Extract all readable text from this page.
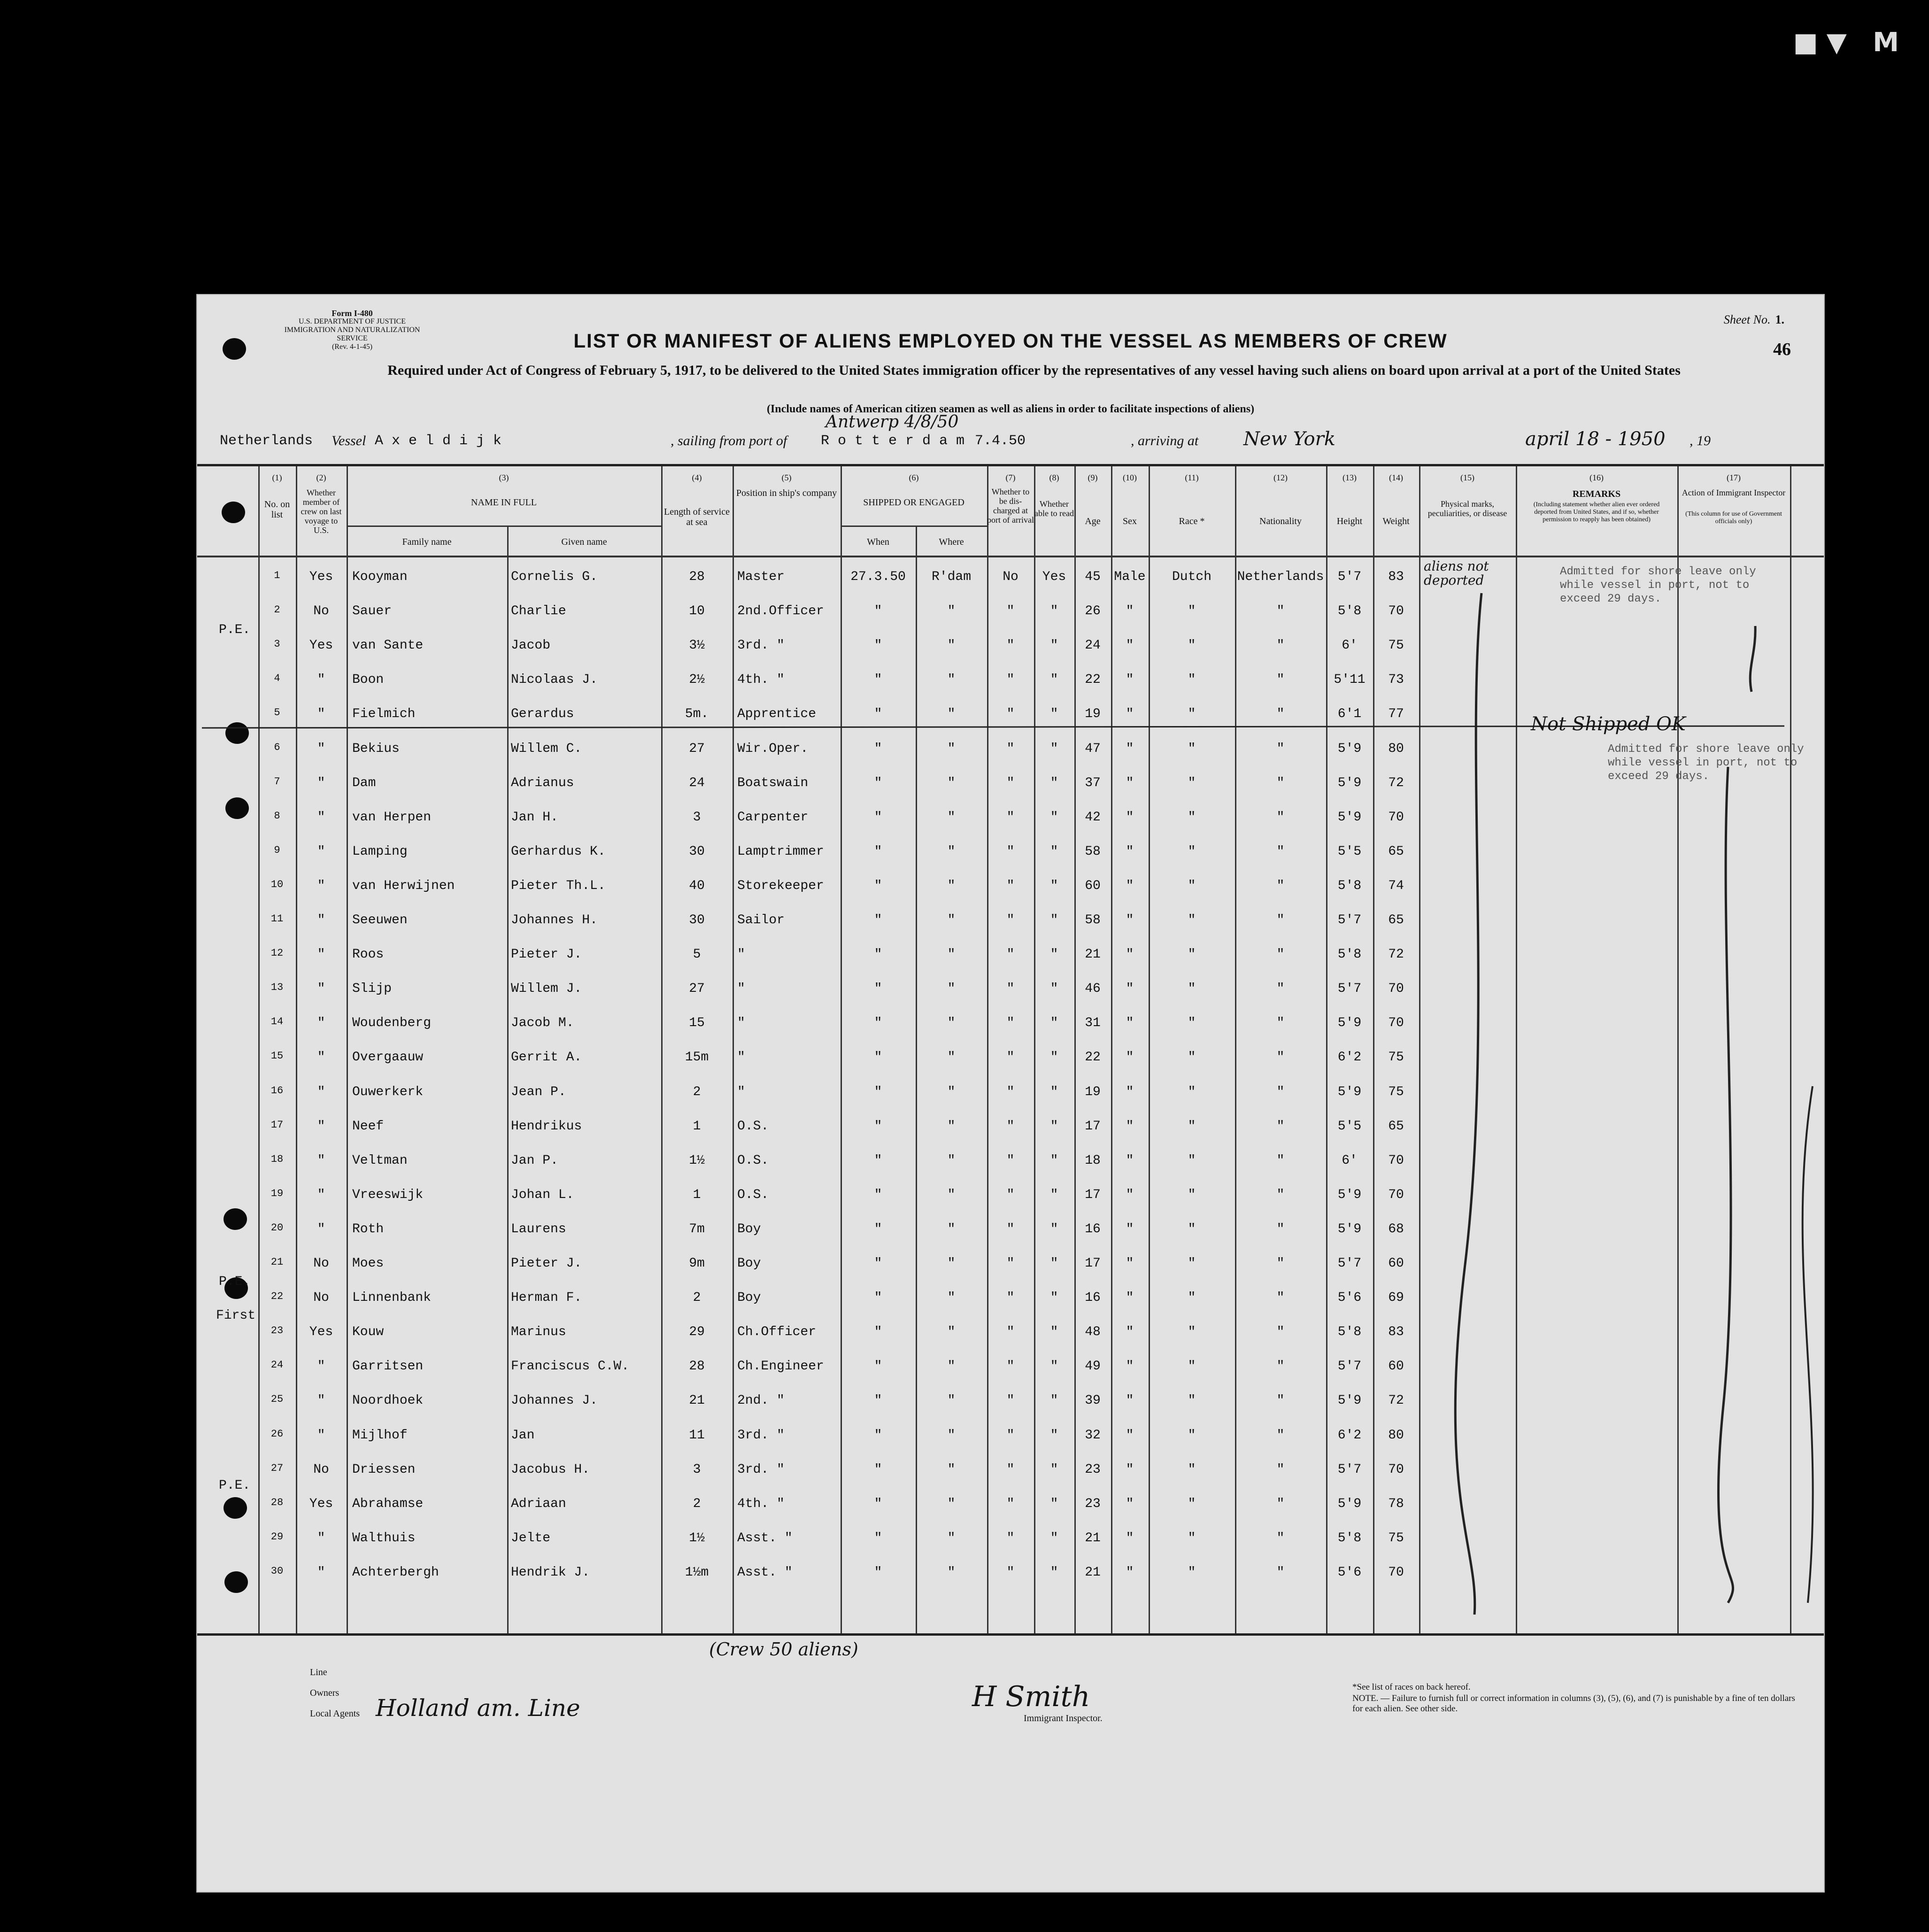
■▼ M
Form I-480
U.S. DEPARTMENT OF JUSTICE
IMMIGRATION AND NATURALIZATION SERVICE
(Rev. 4-1-45)
Sheet No. 1.
46
LIST OR MANIFEST OF ALIENS EMPLOYED ON THE VESSEL AS MEMBERS OF CREW
Required under Act of Congress of February 5, 1917, to be delivered to the United States immigration officer by the representatives of any vessel having such aliens on board upon arrival at a port of the United States
(Include names of American citizen seamen as well as aliens in order to facilitate inspections of aliens)
Netherlands Vessel A x e l d i j k	, sailing from port of R o t t e r d a m 7.4.50
Antwerp 4/8/50
, arriving at New York	april 18 - 1950 , 19
(1)	(2)	(3)	(4)	(5)	(6)	(7)	(8)	(9)	(10)	(11)	(12)	(13)	(14)	(15)	(16)	(17)
No. on list
Whether member of crew on last voyage to U.S.
NAME IN FULL
Family name	Given name
Length of service at sea
Position in ship's company
SHIPPED OR ENGAGED
When	Where
Whether to be dis-charged at port of arrival
Whether able to read
Age	Sex	Race *	Nationality	Height	Weight
Physical marks, peculiarities, or disease
REMARKS
(Including statement whether alien ever ordered deported from United States, and if so, whether permission to reapply has been obtained)
Action of Immigrant Inspector
(This column for use of Government officials only)
1	Yes	Kooyman	Cornelis G.	28	Master	27.3.50	R'dam	No	Yes	45	Male	Dutch	Netherlands	5'7	83
2	No	Sauer	Charlie	10	2nd.Officer	"	"	"	"	26	"	"	"	5'8	70
3	Yes	van Sante	Jacob	3½	3rd. "	"	"	"	"	24	"	"	"	6'	75
4	"	Boon	Nicolaas J.	2½	4th. "	"	"	"	"	22	"	"	"	5'11	73
5	"	Fielmich	Gerardus	5m.	Apprentice	"	"	"	"	19	"	"	"	6'1	77
6	"	Bekius	Willem C.	27	Wir.Oper.	"	"	"	"	47	"	"	"	5'9	80
7	"	Dam	Adrianus	24	Boatswain	"	"	"	"	37	"	"	"	5'9	72
8	"	van Herpen	Jan H.	3	Carpenter	"	"	"	"	42	"	"	"	5'9	70
9	"	Lamping	Gerhardus K.	30	Lamptrimmer	"	"	"	"	58	"	"	"	5'5	65
10	"	van Herwijnen	Pieter Th.L.	40	Storekeeper	"	"	"	"	60	"	"	"	5'8	74
11	"	Seeuwen	Johannes H.	30	Sailor	"	"	"	"	58	"	"	"	5'7	65
12	"	Roos	Pieter J.	5	"	"	"	"	"	21	"	"	"	5'8	72
13	"	Slijp	Willem J.	27	"	"	"	"	"	46	"	"	"	5'7	70
14	"	Woudenberg	Jacob M.	15	"	"	"	"	"	31	"	"	"	5'9	70
15	"	Overgaauw	Gerrit A.	15m	"	"	"	"	"	22	"	"	"	6'2	75
16	"	Ouwerkerk	Jean P.	2	"	"	"	"	"	19	"	"	"	5'9	75
17	"	Neef	Hendrikus	1	O.S.	"	"	"	"	17	"	"	"	5'5	65
18	"	Veltman	Jan P.	1½	O.S.	"	"	"	"	18	"	"	"	6'	70
19	"	Vreeswijk	Johan L.	1	O.S.	"	"	"	"	17	"	"	"	5'9	70
20	"	Roth	Laurens	7m	Boy	"	"	"	"	16	"	"	"	5'9	68
21	No	Moes	Pieter J.	9m	Boy	"	"	"	"	17	"	"	"	5'7	60
22	No	Linnenbank	Herman F.	2	Boy	"	"	"	"	16	"	"	"	5'6	69
23	Yes	Kouw	Marinus	29	Ch.Officer	"	"	"	"	48	"	"	"	5'8	83
24	"	Garritsen	Franciscus C.W.	28	Ch.Engineer	"	"	"	"	49	"	"	"	5'7	60
25	"	Noordhoek	Johannes J.	21	2nd. "	"	"	"	"	39	"	"	"	5'9	72
26	"	Mijlhof	Jan	11	3rd. "	"	"	"	"	32	"	"	"	6'2	80
27	No	Driessen	Jacobus H.	3	3rd. "	"	"	"	"	23	"	"	"	5'7	70
28	Yes	Abrahamse	Adriaan	2	4th. "	"	"	"	"	23	"	"	"	5'9	78
29	"	Walthuis	Jelte	1½	Asst. "	"	"	"	"	21	"	"	"	5'8	75
30	"	Achterbergh	Hendrik J.	1½m	Asst. "	"	"	"	"	21	"	"	"	5'6	70
aliens not deported
Not Shipped OK
Admitted for shore leave only while vessel in port, not to exceed 29 days.
Admitted for shore leave only while vessel in port, not to exceed 29 days.
P.E.
P.E.
First
P.E.
(Crew 50 aliens)
Line
Owners
Local Agents Holland am. Line	H Smith
Immigrant Inspector.
*See list of races on back hereof.
NOTE. — Failure to furnish full or correct information in columns (3), (5), (6), and (7) is punishable by a fine of ten dollars for each alien. See other side.
